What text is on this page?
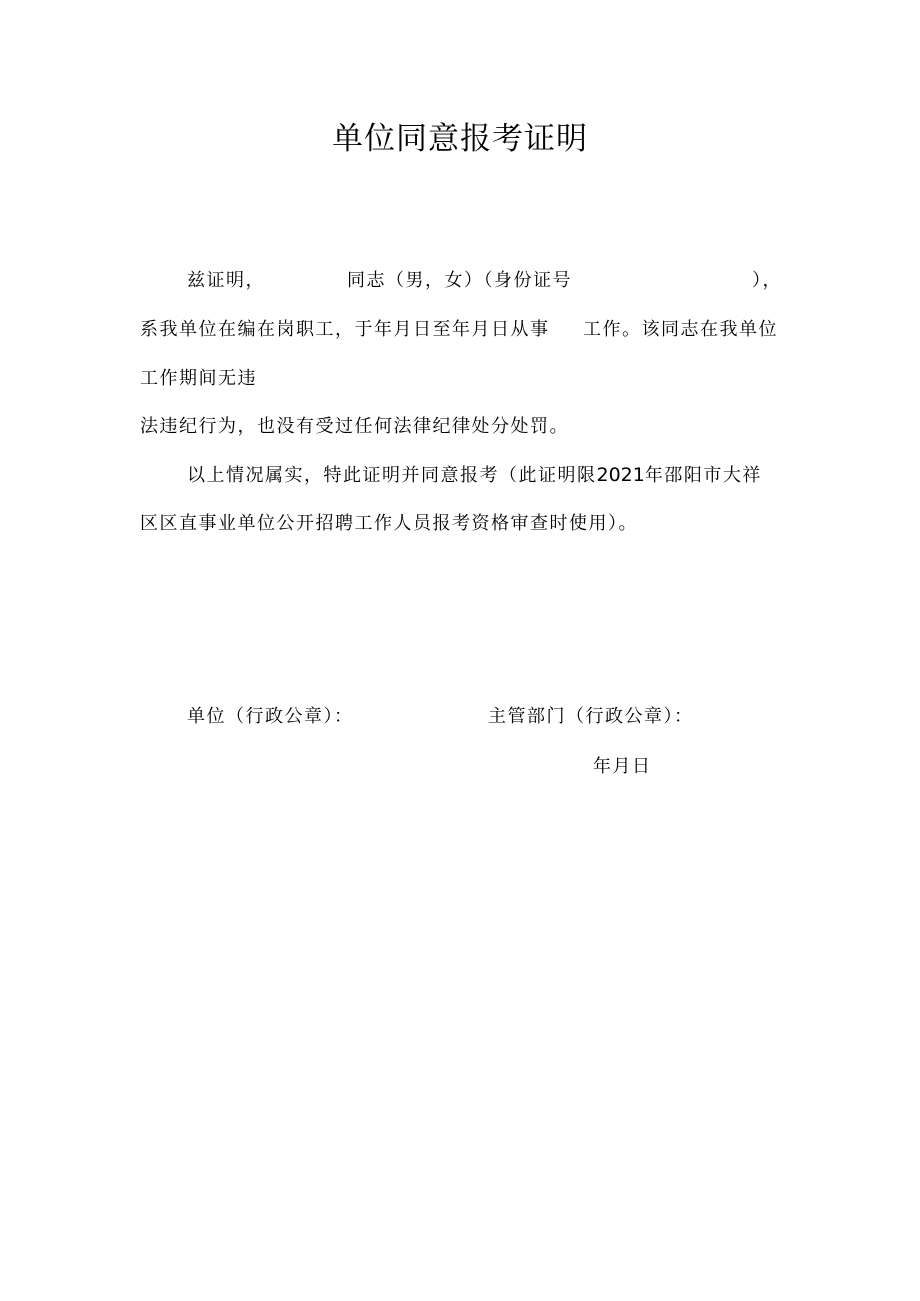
单位同意报考证明
兹证明，	同志（男，女）（身份证号	），
系我单位在编在岗职工，于年月日至年月日从事 工作。该同志在我单位
工作期间无违
法违纪行为，也没有受过任何法律纪律处分处罚。
以上情况属实，特此证明并同意报考（此证明限2021年邵阳市大祥
区区直事业单位公开招聘工作人员报考资格审查时使用）。
单位（行政公章）：	主管部门（行政公章）：
年月日
